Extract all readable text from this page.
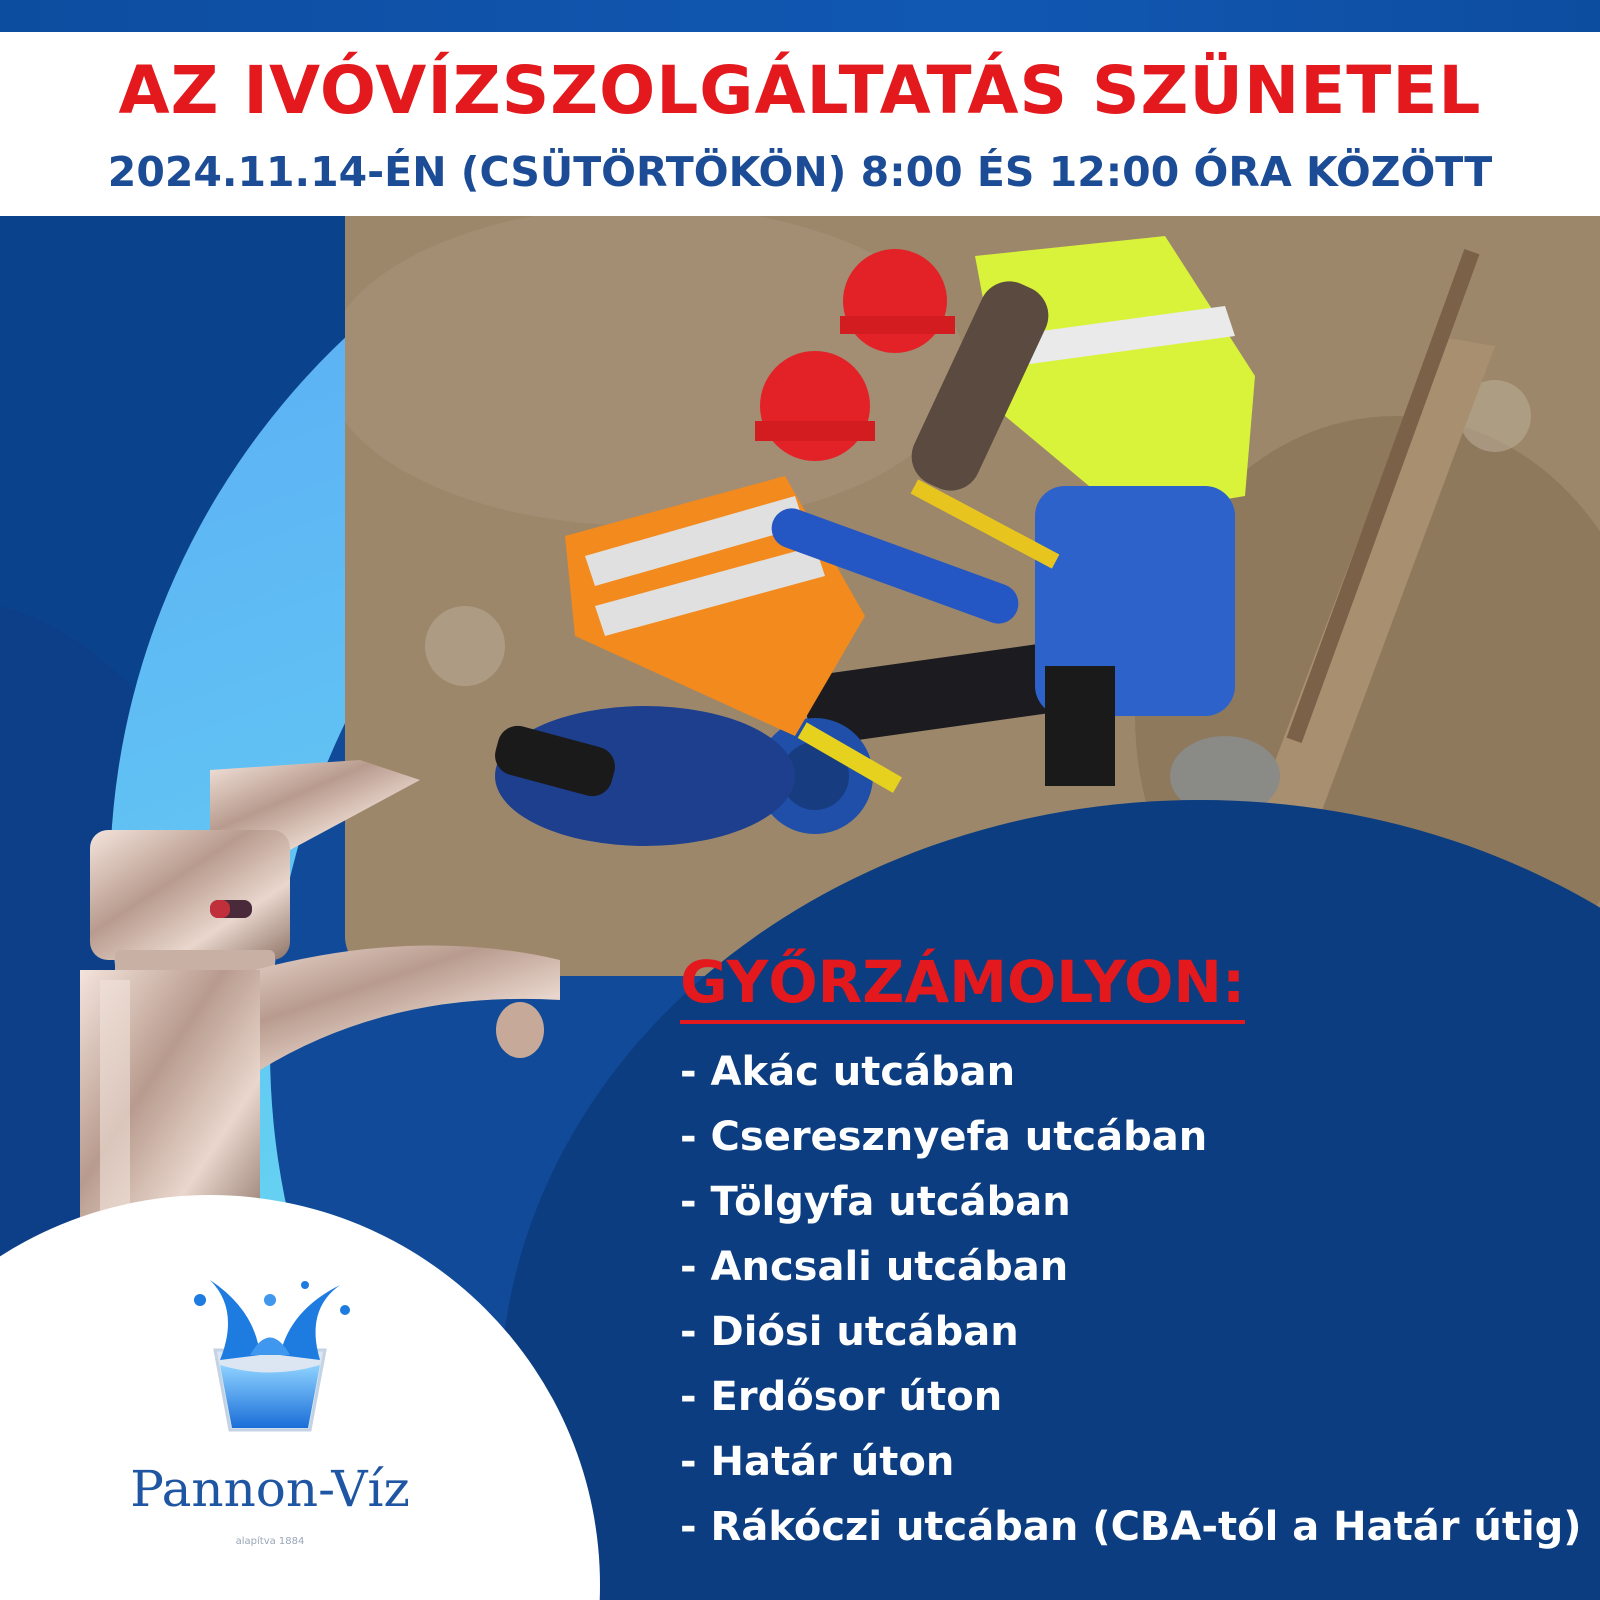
AZ IVÓVÍZSZOLGÁLTATÁS SZÜNETEL
2024.11.14-ÉN (CSÜTÖRTÖKÖN) 8:00 ÉS 12:00 ÓRA KÖZÖTT
Pannon-Víz
alapítva 1884
GYŐRZÁMOLYON:
- Akác utcában
- Cseresznyefa utcában
- Tölgyfa utcában
- Ancsali utcában
- Diósi utcában
- Erdősor úton
- Határ úton
- Rákóczi utcában (CBA-tól a Határ útig)
